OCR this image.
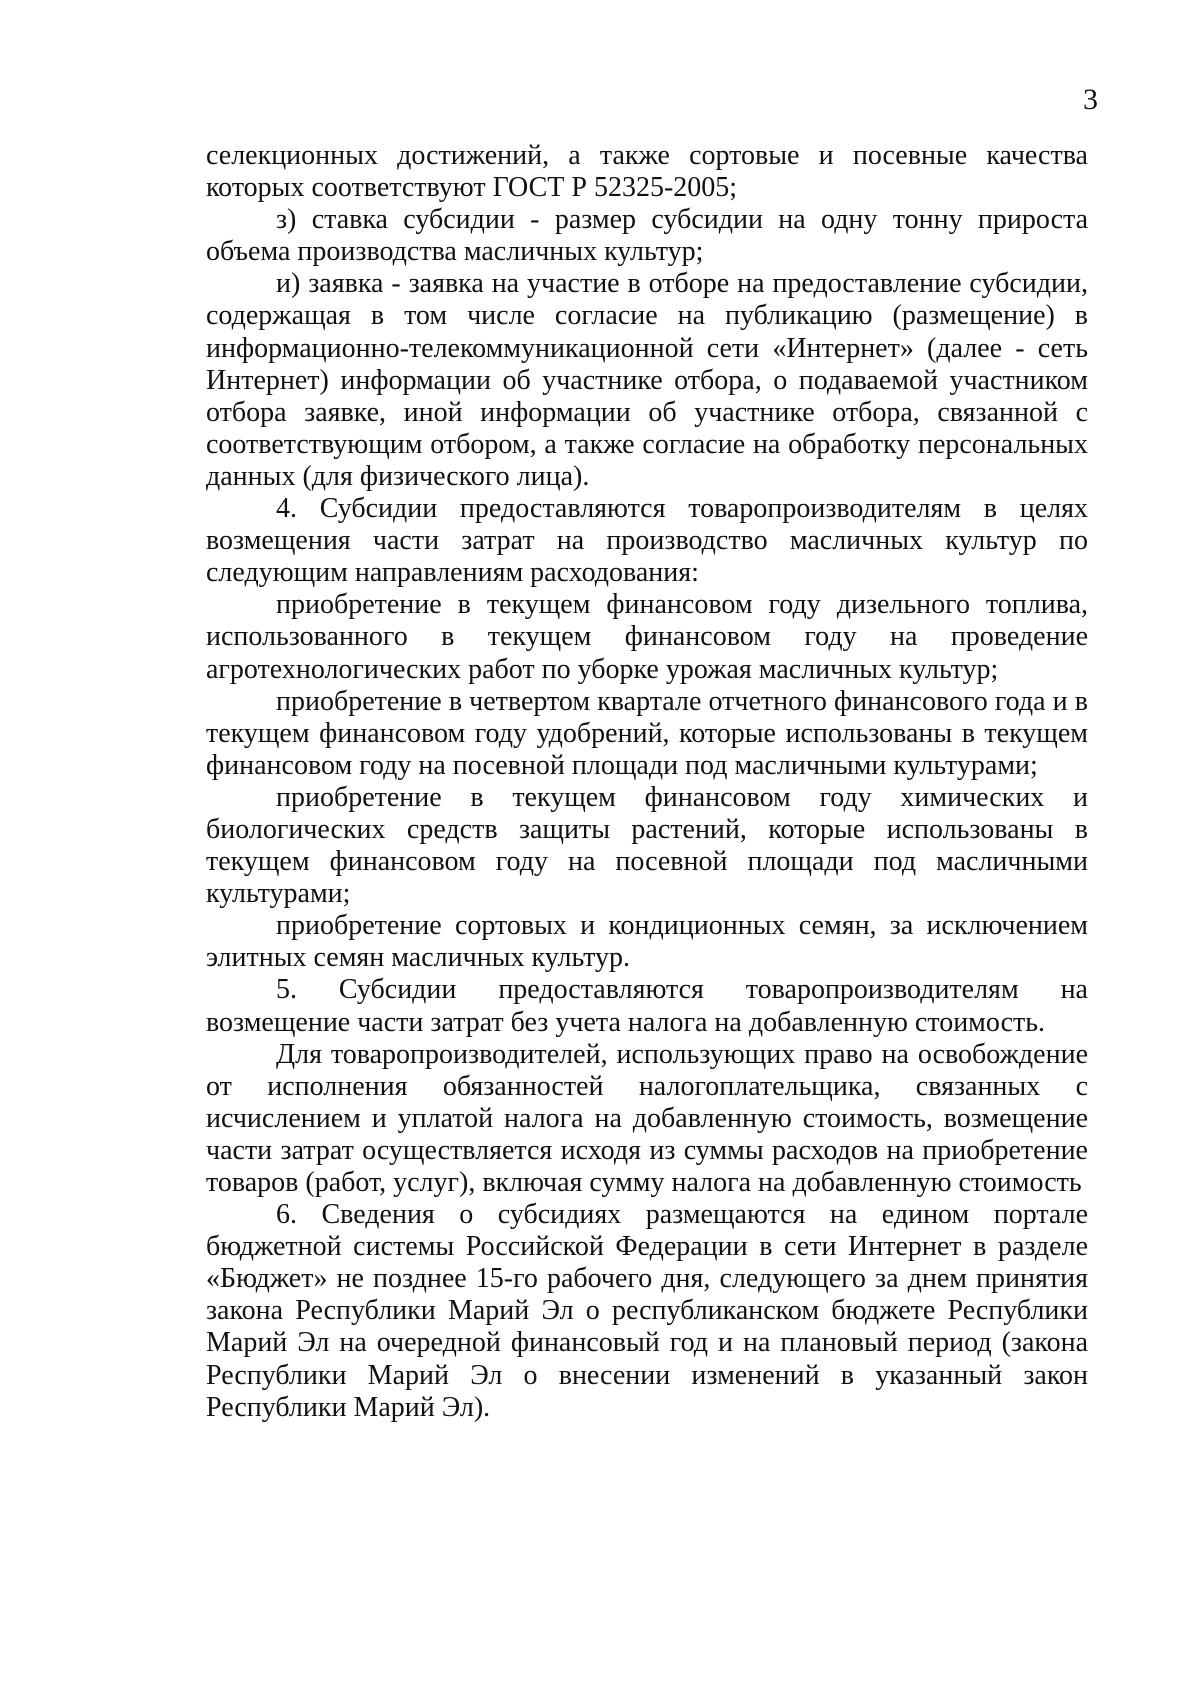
3

селекционных достижений, а также сортовые и посевные качества которых соответствуют ГОСТ Р 52325-2005;

з) ставка субсидии - размер субсидии на одну тонну прироста объема производства масличных культур;

и) заявка - заявка на участие в отборе на предоставление субсидии, содержащая в том числе согласие на публикацию (размещение) в информационно-телекоммуникационной сети «Интернет» (далее - сеть Интернет) информации об участнике отбора, о подаваемой участником отбора заявке, иной информации об участнике отбора, связанной с соответствующим отбором, а также согласие на обработку персональных данных (для физического лица).

4. Субсидии предоставляются товаропроизводителям в целях возмещения части затрат на производство масличных культур по следующим направлениям расходования:

приобретение в текущем финансовом году дизельного топлива, использованного в текущем финансовом году на проведение агротехнологических работ по уборке урожая масличных культур;

приобретение в четвертом квартале отчетного финансового года и в текущем финансовом году удобрений, которые использованы в текущем финансовом году на посевной площади под масличными культурами;

приобретение в текущем финансовом году химических и биологических средств защиты растений, которые использованы в текущем финансовом году на посевной площади под масличными культурами;

приобретение сортовых и кондиционных семян, за исключением элитных семян масличных культур.

5. Субсидии предоставляются товаропроизводителям на возмещение части затрат без учета налога на добавленную стоимость.

Для товаропроизводителей, использующих право на освобождение от исполнения обязанностей налогоплательщика, связанных с исчислением и уплатой налога на добавленную стоимость, возмещение части затрат осуществляется исходя из суммы расходов на приобретение товаров (работ, услуг), включая сумму налога на добавленную стоимость

6. Сведения о субсидиях размещаются на едином портале бюджетной системы Российской Федерации в сети Интернет в разделе «Бюджет» не позднее 15-го рабочего дня, следующего за днем принятия закона Республики Марий Эл о республиканском бюджете Республики Марий Эл на очередной финансовый год и на плановый период (закона Республики Марий Эл о внесении изменений в указанный закон Республики Марий Эл).
